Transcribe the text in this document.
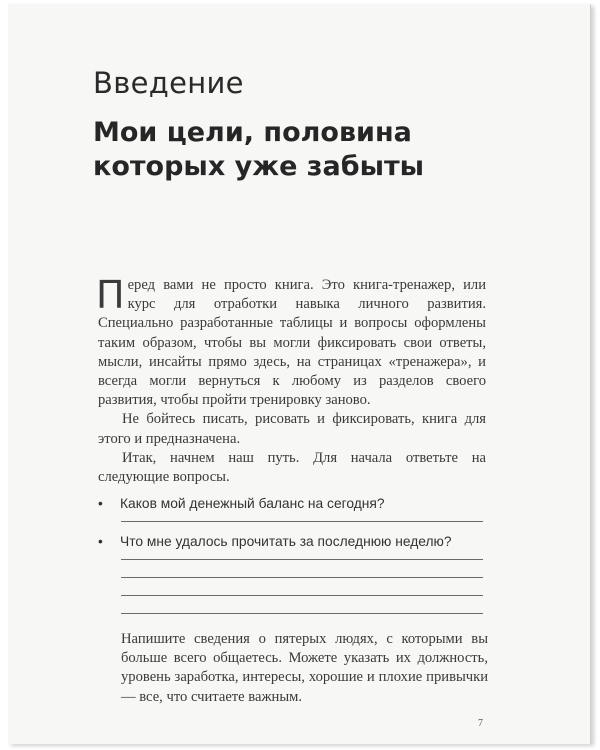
Введение
Мои цели, половина
которых уже забыты

Перед вами не просто книга. Это книга-тренажер, или курс для отработки навыка личного развития. Специально разработанные таблицы и вопросы оформлены таким образом, чтобы вы могли фиксировать свои ответы, мысли, инсайты прямо здесь, на страницах «тренажера», и всегда могли вернуться к любому из разделов своего развития, чтобы пройти тренировку заново.

Не бойтесь писать, рисовать и фиксировать, книга для этого и предназначена.

Итак, начнем наш путь. Для начала ответьте на следующие вопросы.

• Каков мой денежный баланс на сегодня?
• Что мне удалось прочитать за последнюю неделю?

Напишите сведения о пятерых людях, с которыми вы больше всего общаетесь. Можете указать их должность, уровень заработка, интересы, хорошие и плохие привычки — все, что считаете важным.

7
